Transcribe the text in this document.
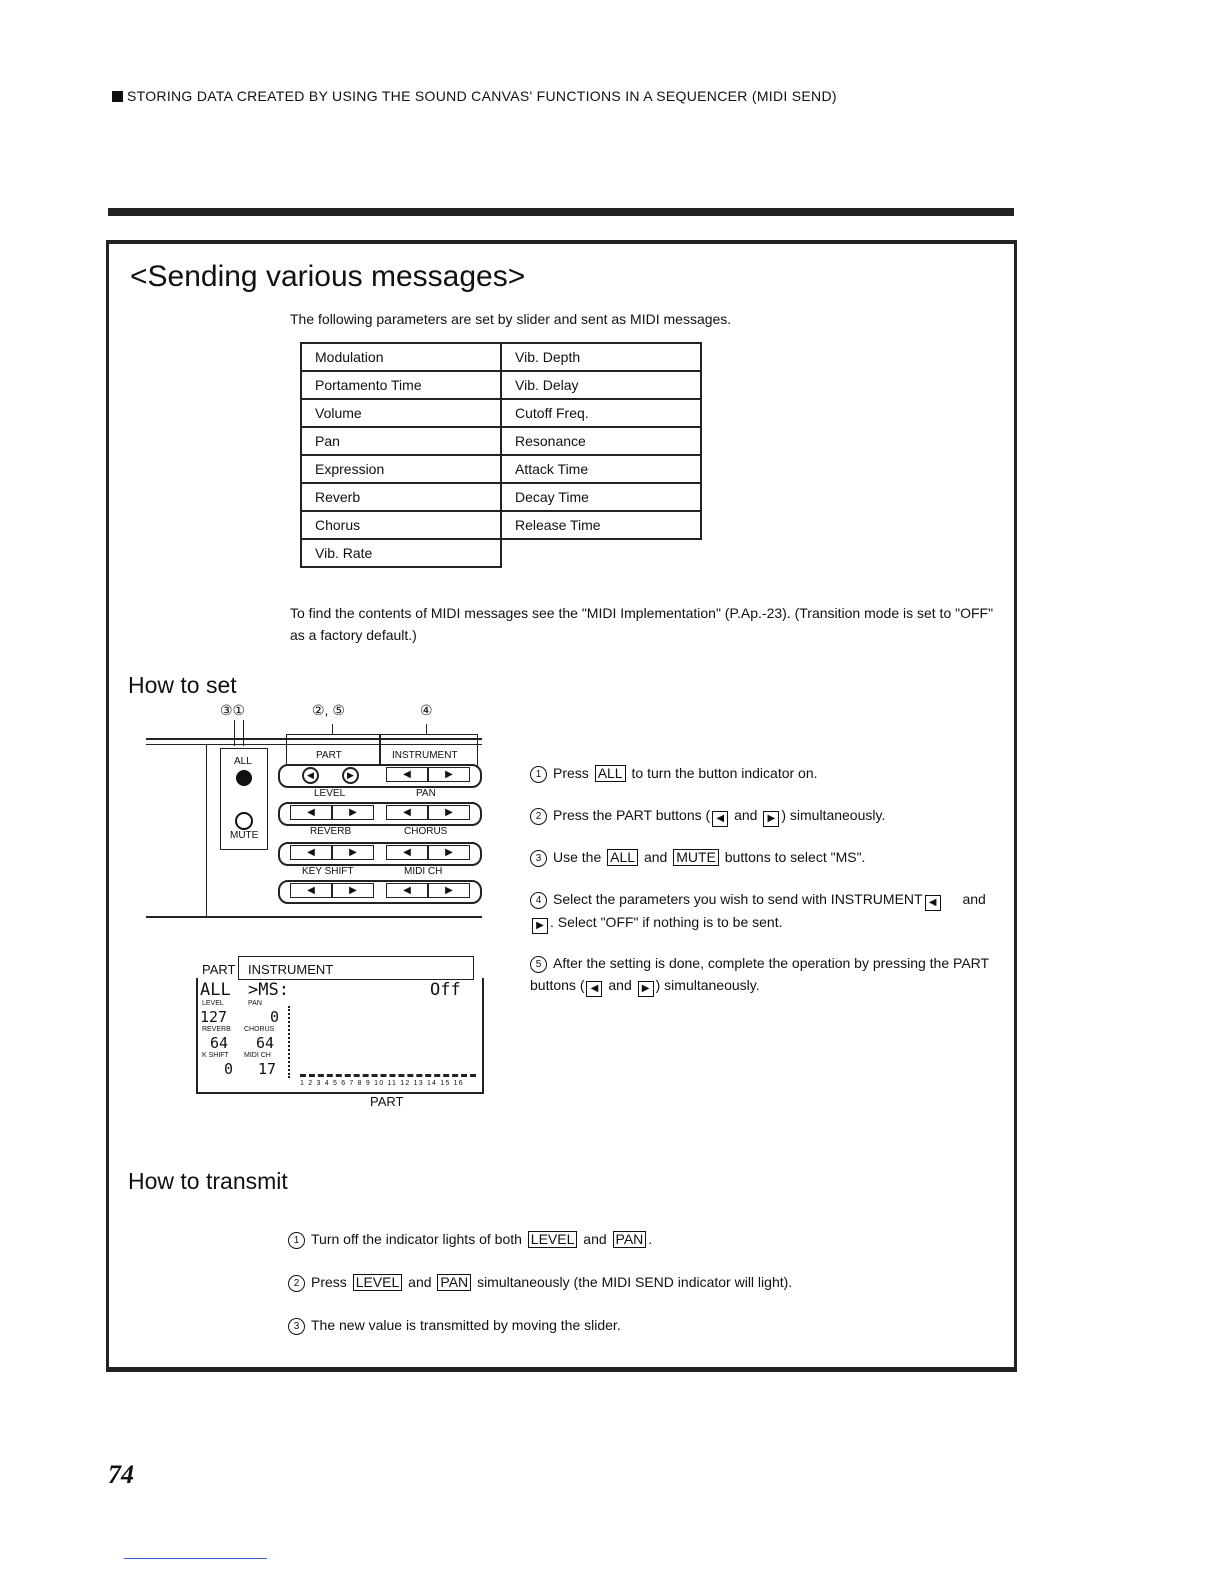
STORING DATA CREATED BY USING THE SOUND CANVAS' FUNCTIONS IN A SEQUENCER (MIDI SEND)
<Sending various messages>
The following parameters are set by slider and sent as MIDI messages.
Modulation	Vib. Depth
Portamento Time	Vib. Delay
Volume	Cutoff Freq.
Pan	Resonance
Expression	Attack Time
Reverb	Decay Time
Chorus	Release Time
Vib. Rate	
To find the contents of MIDI messages see the "MIDI Implementation" (P.Ap.-23). (Transition mode is set to "OFF" as a factory default.)
How to set
③①	②, ⑤	④
ALL
MUTE
PART	INSTRUMENT
◀	▶	◀	▶
LEVEL	PAN
◀	▶	◀	▶
REVERB	CHORUS
◀	▶	◀	▶
KEY SHIFT	MIDI CH
◀	▶	◀	▶
PART INSTRUMENT
ALL >MS:	Off
LEVEL	PAN
127	0
REVERB CHORUS
64 64
K SHIFT MIDI CH
0 17
1 2 3 4 5 6 7 8 9 10 11 12 13 14 15 16
PART
1 Press ALL to turn the button indicator on.
2 Press the PART buttons ( ◀ and ▶ ) simultaneously.
3 Use the ALL and MUTE buttons to select "MS".
4 Select the parameters you wish to send with INSTRUMENT ◀ and ▶ . Select "OFF" if nothing is to be sent.
5 After the setting is done, complete the operation by pressing the PART buttons ( ◀ and ▶ ) simultaneously.
How to transmit
1 Turn off the indicator lights of both LEVEL and PAN .
2 Press LEVEL and PAN simultaneously (the MIDI SEND indicator will light).
3 The new value is transmitted by moving the slider.
74
